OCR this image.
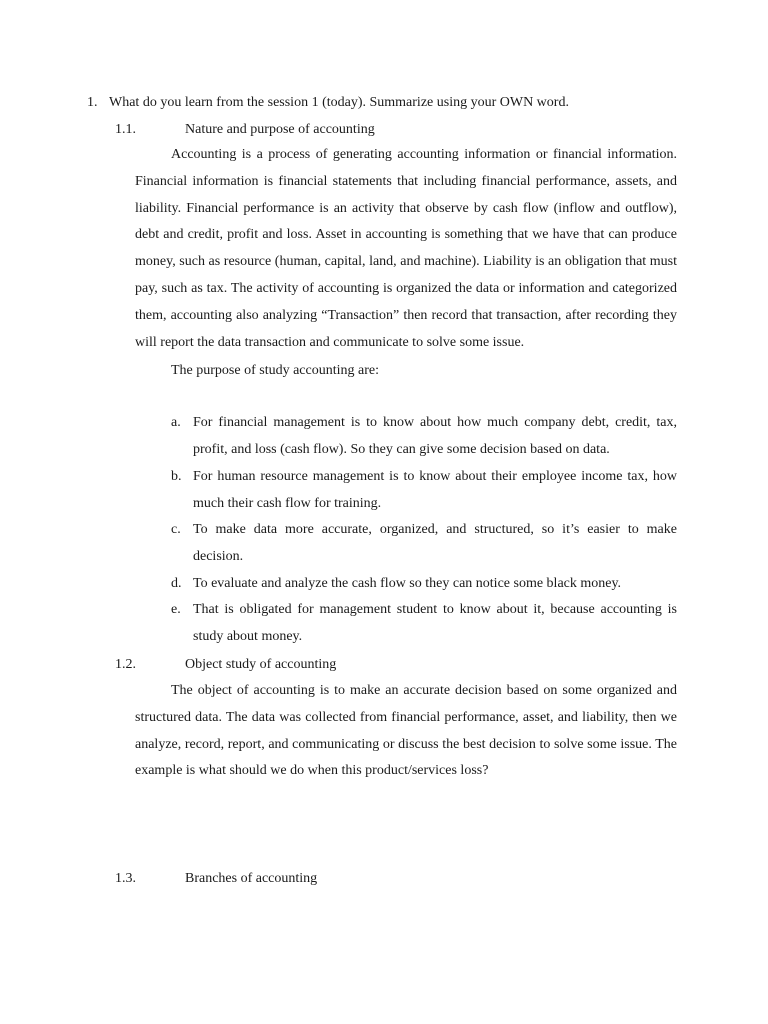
1. What do you learn from the session 1 (today). Summarize using your OWN word.
1.1.	Nature and purpose of accounting

Accounting is a process of generating accounting information or financial information. Financial information is financial statements that including financial performance, assets, and liability. Financial performance is an activity that observe by cash flow (inflow and outflow), debt and credit, profit and loss. Asset in accounting is something that we have that can produce money, such as resource (human, capital, land, and machine). Liability is an obligation that must pay, such as tax. The activity of accounting is organized the data or information and categorized them, accounting also analyzing “Transaction” then record that transaction, after recording they will report the data transaction and communicate to solve some issue.

The purpose of study accounting are:
a. For financial management is to know about how much company debt, credit, tax, profit, and loss (cash flow). So they can give some decision based on data.
b. For human resource management is to know about their employee income tax, how much their cash flow for training.
c. To make data more accurate, organized, and structured, so it’s easier to make decision.
d. To evaluate and analyze the cash flow so they can notice some black money.
e. That is obligated for management student to know about it, because accounting is study about money.
1.2.	Object study of accounting

The object of accounting is to make an accurate decision based on some organized and structured data. The data was collected from financial performance, asset, and liability, then we analyze, record, report, and communicating or discuss the best decision to solve some issue. The example is what should we do when this product/services loss?

1.3.	Branches of accounting
